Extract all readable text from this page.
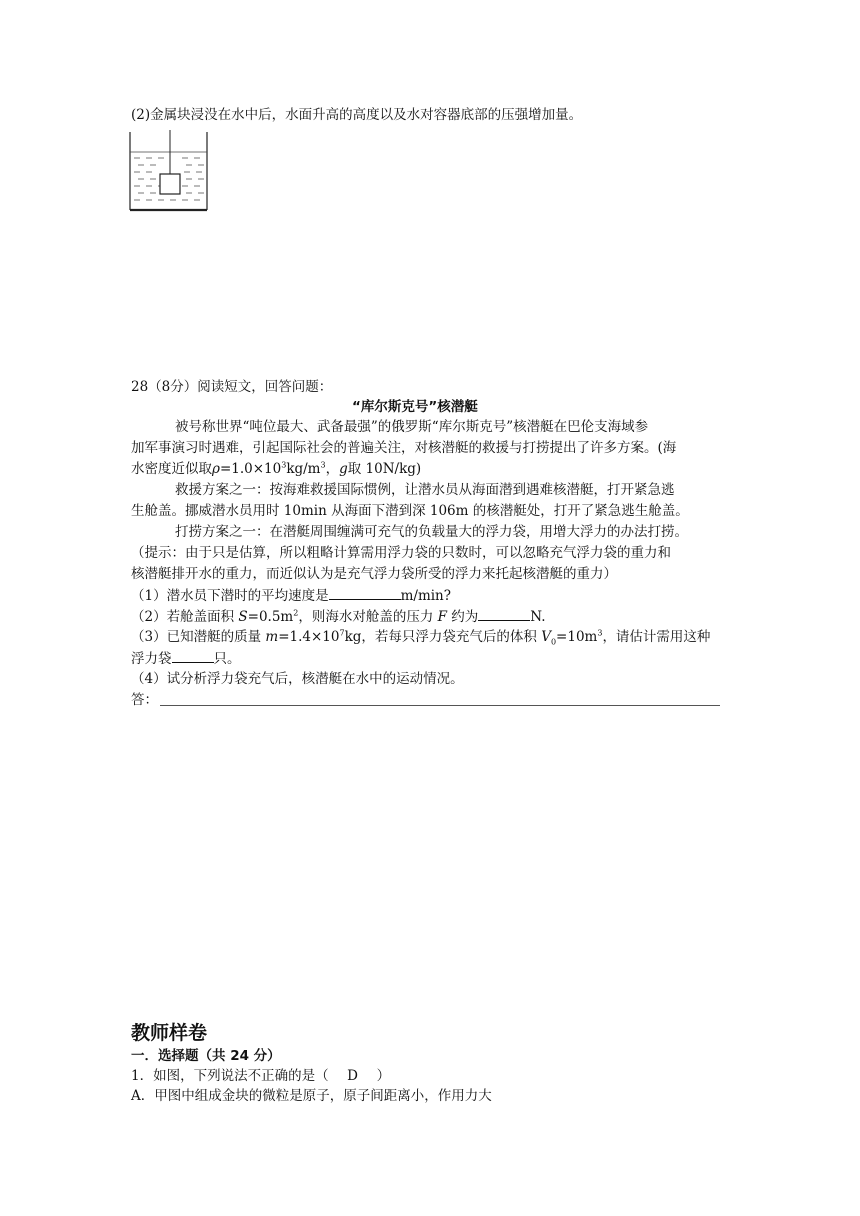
(2)金属块浸没在水中后，水面升高的高度以及水对容器底部的压强增加量。
28（8分）阅读短文，回答问题：
“库尔斯克号”核潜艇
被号称世界“吨位最大、武备最强”的俄罗斯“库尔斯克号”核潜艇在巴伦支海域参
加军事演习时遇难，引起国际社会的普遍关注，对核潜艇的救援与打捞提出了许多方案。(海
水密度近似取$\rho=1.0\times 10^3kg/m^3$，g取 10N/kg)
救援方案之一：按海难救援国际惯例，让潜水员从海面潜到遇难核潜艇，打开紧急逃
生舱盖。挪威潜水员用时 10min 从海面下潜到深 106m 的核潜艇处，打开了紧急逃生舱盖。
打捞方案之一：在潜艇周围缠满可充气的负载量大的浮力袋，用增大浮力的办法打捞。
（提示：由于只是估算，所以粗略计算需用浮力袋的只数时，可以忽略充气浮力袋的重力和
核潜艇排开水的重力，而近似认为是充气浮力袋所受的浮力来托起核潜艇的重力）
（1）潜水员下潜时的平均速度是	m/min?
（2）若舱盖面积 $S=0.5m^2$，则海水对舱盖的压力 F 约为	N.
（3）已知潜艇的质量 $m=1.4\times 10^7kg$，若每只浮力袋充气后的体积 $V_0=10m^3$，请估计需用这种
浮力袋	只。
（4）试分析浮力袋充气后，核潜艇在水中的运动情况。
答：
教师样卷
一．选择题（共 24 分）
1．如图，下列说法不正确的是（ D ）
A．甲图中组成金块的微粒是原子，原子间距离小，作用力大
